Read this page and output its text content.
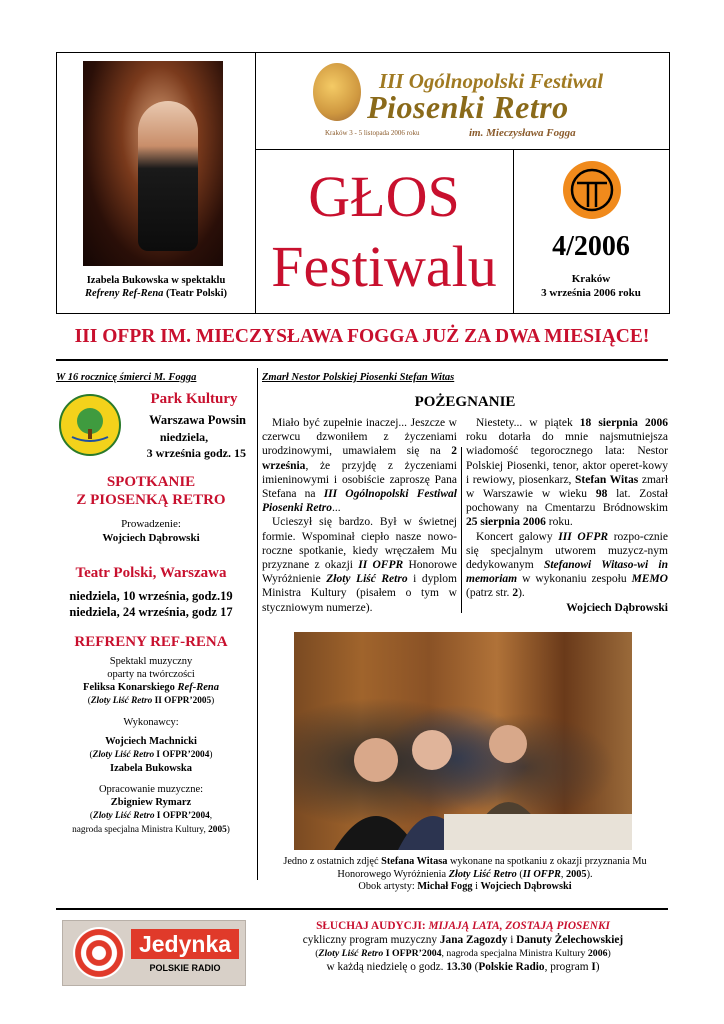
Izabela Bukowska w spektaklu
Refreny Ref-Rena (Teatr Polski)
III Ogólnopolski Festiwal
Piosenki Retro
Kraków 3 - 5 listopada 2006 roku	im. Mieczysława Fogga
GŁOS
Festiwalu	4/2006
Kraków
3 września 2006 roku
III OFPR IM. MIECZYSŁAWA FOGGA JUŻ ZA DWA MIESIĄCE!
W 16 rocznicę śmierci M. Fogga
Park Kultury
Warszawa Powsin
niedziela,
3 września godz. 15
SPOTKANIE
Z PIOSENKĄ RETRO
Prowadzenie:
Wojciech Dąbrowski
Teatr Polski, Warszawa
niedziela, 10 września, godz.19
niedziela, 24 września, godz 17
REFRENY REF-RENA
Spektakl muzyczny
oparty na twórczości
Feliksa Konarskiego Ref-Rena
(Zloty Liść Retro II OFPR’2005)
Wykonawcy:

Wojciech Machnicki
(Zloty Liść Retro I OFPR’2004)
Izabela Bukowska
Opracowanie muzyczne:
Zbigniew Rymarz
(Zloty Liść Retro I OFPR’2004,
nagroda specjalna Ministra Kultury, 2005)
Zmarł Nestor Polskiej Piosenki Stefan Witas
POŻEGNANIE

Miało być zupełnie inaczej... Jeszcze w czerwcu dzwoniłem z życzeniami urodzinowymi, umawiałem się na 2 września, że przyjdę z życzeniami imieninowymi i osobiście zaproszę Pana Stefana na III Ogólnopolski Festiwal Piosenki Retro...

Ucieszył się bardzo. Był w świetnej formie. Wspominał ciepło nasze nowo-roczne spotkanie, kiedy wręczałem Mu przyznane z okazji II OFPR Honorowe Wyróżnienie Złoty Liść Retro i dyplom Ministra Kultury (pisałem o tym w styczniowym numerze).

Niestety... w piątek 18 sierpnia 2006 roku dotarła do mnie najsmutniejsza wiadomość tegorocznego lata: Nestor Polskiej Piosenki, tenor, aktor operet-kowy i rewiowy, piosenkarz, Stefan Witas zmarł w Warszawie w wieku 98 lat. Został pochowany na Cmentarzu Bródnowskim 25 sierpnia 2006 roku.

Koncert galowy III OFPR rozpo-cznie się specjalnym utworem muzycz-nym dedykowanym Stefanowi Witaso-wi in memoriam w wykonaniu zespołu MEMO (patrz str. 2).

Wojciech Dąbrowski

Jedno z ostatnich zdjęć Stefana Witasa wykonane na spotkaniu z okazji przyznania Mu Honorowego Wyróżnienia Złoty Liść Retro (II OFPR, 2005).
Obok artysty: Michał Fogg i Wojciech Dąbrowski
Jedynka
POLSKIE RADIO
SŁUCHAJ AUDYCJI: MIJAJĄ LATA, ZOSTAJĄ PIOSENKI
cykliczny program muzyczny Jana Zagozdy i Danuty Żelechowskiej
(Zloty Liść Retro I OFPR’2004, nagroda specjalna Ministra Kultury 2006)
w każdą niedzielę o godz. 13.30 (Polskie Radio, program I)
